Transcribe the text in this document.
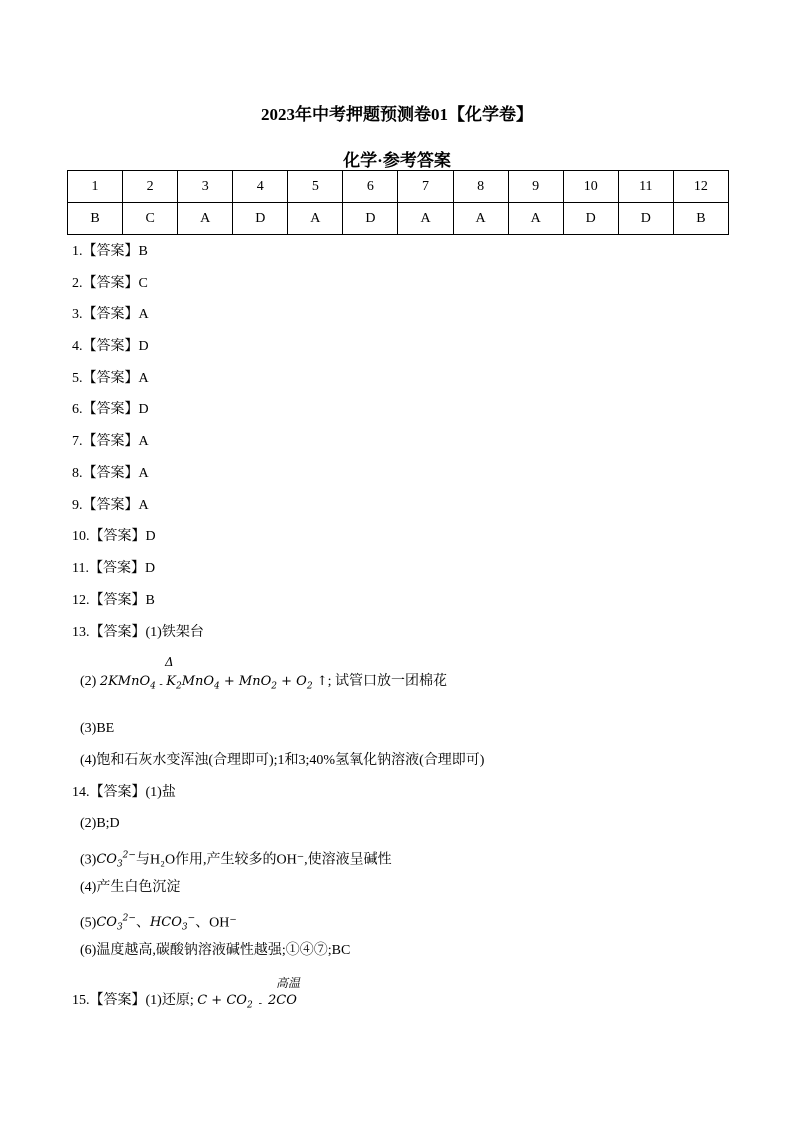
2023年中考押题预测卷01【化学卷】
化学·参考答案
1	2	3	4	5	6	7	8	9	10	11	12
B	C	A	D	A	D	A	A	A	D	D	B
1.【答案】B
2.【答案】C
3.【答案】A
4.【答案】D
5.【答案】A
6.【答案】D
7.【答案】A
8.【答案】A
9.【答案】A
10.【答案】D
11.【答案】D
12.【答案】B
13.【答案】(1)铁架台
Δ
(2) 2KMnO$_4$ - $K_2MnO_4 + MnO_2 + O_2$ ↑; 试管口放一团棉花
(3)BE
(4)饱和石灰水变浑浊(合理即可);1和3;40%氢氧化钠溶液(合理即可)
14.【答案】(1)盐
(2)B;D
$(3)CO_3^{2-}$与H₂O作用,产生较多的OH⁻,使溶液呈碱性
(4)产生白色沉淀
$(5)CO_3^{2-}$、$HCO_3^-$、OH⁻
(6)温度越高,碳酸钠溶液碱性越强;①④⑦;BC
高温
15.【答案】(1)还原; $C + CO_2 - 2CO$
